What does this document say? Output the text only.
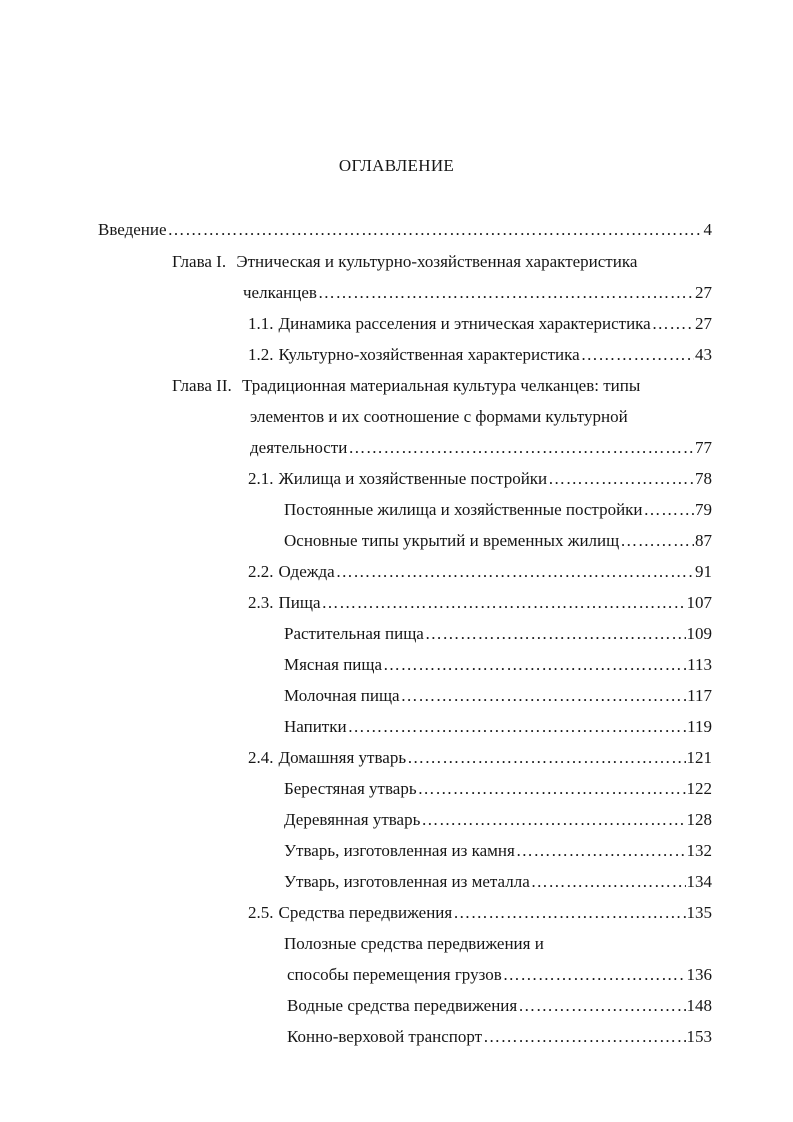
ОГЛАВЛЕНИЕ
Введение ………………………………………………………………………………………………………………………………………………………………………………………………	4
Глава I. Этническая и культурно-хозяйственная характеристика
челканцев ………………………………………………………………………………………………………………………………………………………………………………………………	27
1.1. Динамика расселения и этническая характеристика ………………………………………………………………………………………………………………………………………………………………………………………………	27
1.2. Культурно-хозяйственная характеристика ………………………………………………………………………………………………………………………………………………………………………………………………	43
Глава II. Традиционная материальная культура челканцев: типы
элементов и их соотношение с формами культурной
деятельности ………………………………………………………………………………………………………………………………………………………………………………………………	77
2.1. Жилища и хозяйственные постройки ………………………………………………………………………………………………………………………………………………………………………………………………	78
Постоянные жилища и хозяйственные постройки ………………………………………………………………………………………………………………………………………………………………………………………………	79
Основные типы укрытий и временных жилищ ………………………………………………………………………………………………………………………………………………………………………………………………	87
2.2. Одежда ………………………………………………………………………………………………………………………………………………………………………………………………	91
2.3. Пища ………………………………………………………………………………………………………………………………………………………………………………………………	107
Растительная пища ………………………………………………………………………………………………………………………………………………………………………………………………	109
Мясная пища ………………………………………………………………………………………………………………………………………………………………………………………………	113
Молочная пища ………………………………………………………………………………………………………………………………………………………………………………………………	117
Напитки ………………………………………………………………………………………………………………………………………………………………………………………………	119
2.4. Домашняя утварь ………………………………………………………………………………………………………………………………………………………………………………………………	121
Берестяная утварь ………………………………………………………………………………………………………………………………………………………………………………………………	122
Деревянная утварь ………………………………………………………………………………………………………………………………………………………………………………………………	128
Утварь, изготовленная из камня ………………………………………………………………………………………………………………………………………………………………………………………………	132
Утварь, изготовленная из металла ………………………………………………………………………………………………………………………………………………………………………………………………	134
2.5. Средства передвижения ………………………………………………………………………………………………………………………………………………………………………………………………	135
Полозные средства передвижения и
способы перемещения грузов ………………………………………………………………………………………………………………………………………………………………………………………………	136
Водные средства передвижения ………………………………………………………………………………………………………………………………………………………………………………………………	148
Конно-верховой транспорт ………………………………………………………………………………………………………………………………………………………………………………………………	153
